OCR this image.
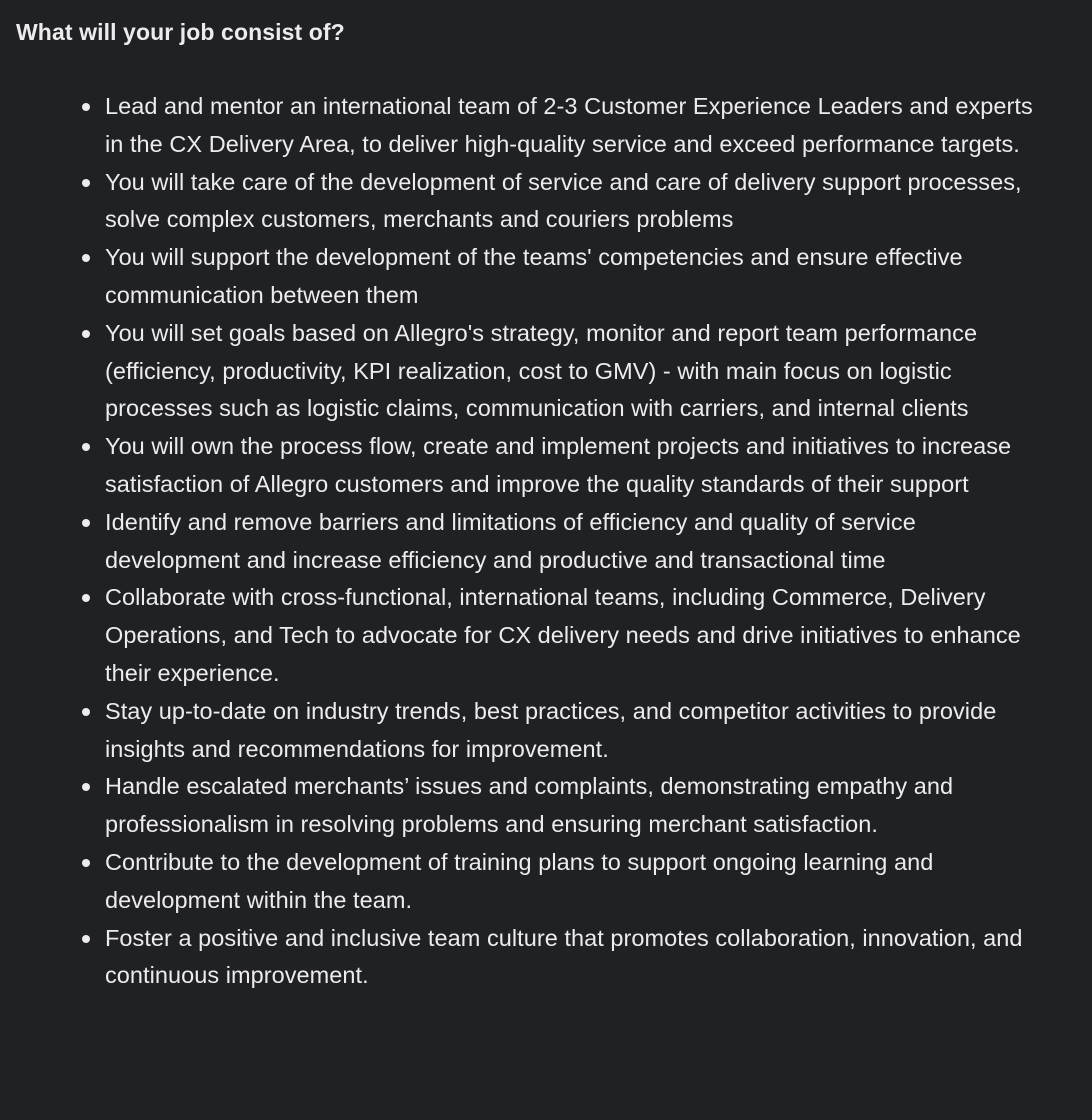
What will your job consist of?
Lead and mentor an international team of 2-3 Customer Experience Leaders and experts in the CX Delivery Area, to deliver high-quality service and exceed performance targets.
You will take care of the development of service and care of delivery support processes, solve complex customers, merchants and couriers problems
You will support the development of the teams' competencies and ensure effective communication between them
You will set goals based on Allegro's strategy, monitor and report team performance (efficiency, productivity, KPI realization, cost to GMV) - with main focus on logistic processes such as logistic claims, communication with carriers, and internal clients
You will own the process flow, create and implement projects and initiatives to increase satisfaction of Allegro customers and improve the quality standards of their support
Identify and remove barriers and limitations of efficiency and quality of service development and increase efficiency and productive and transactional time
Collaborate with cross-functional, international teams, including Commerce, Delivery Operations, and Tech to advocate for CX delivery needs and drive initiatives to enhance their experience.
Stay up-to-date on industry trends, best practices, and competitor activities to provide insights and recommendations for improvement.
Handle escalated merchants’ issues and complaints, demonstrating empathy and professionalism in resolving problems and ensuring merchant satisfaction.
Contribute to the development of training plans to support ongoing learning and development within the team.
Foster a positive and inclusive team culture that promotes collaboration, innovation, and continuous improvement.
